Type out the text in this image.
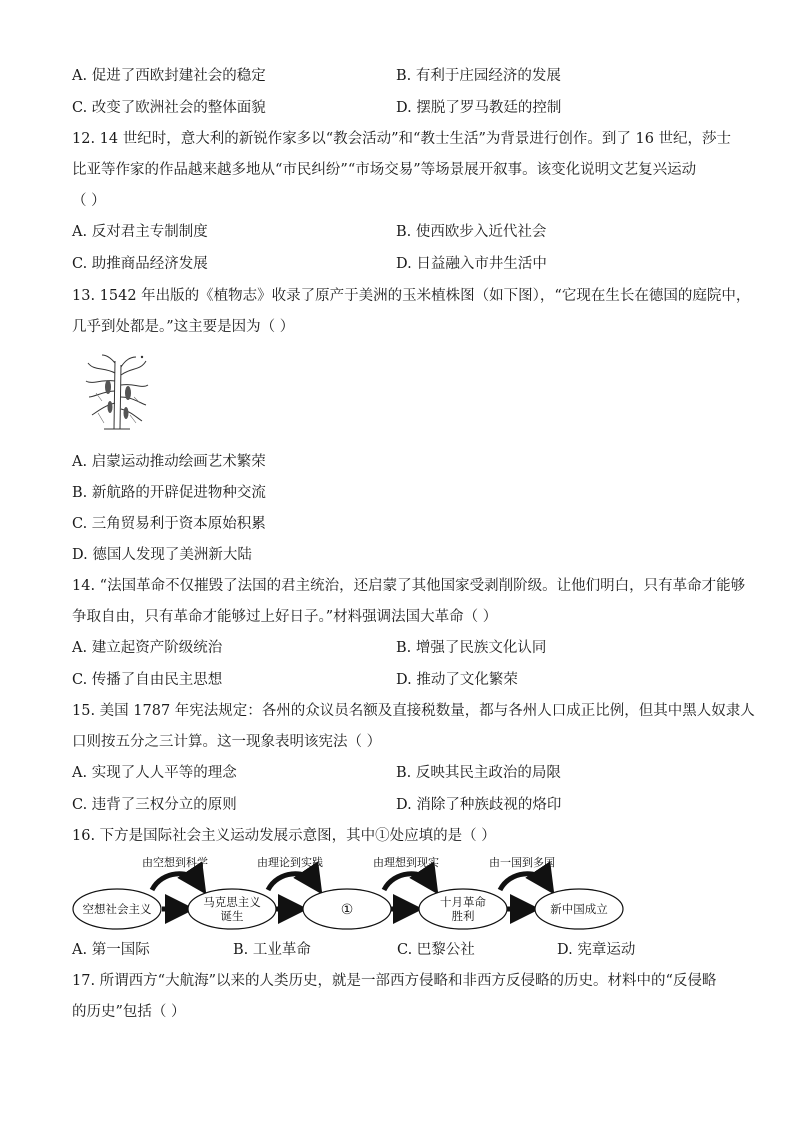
A. 促进了西欧封建社会的稳定	B. 有利于庄园经济的发展
C. 改变了欧洲社会的整体面貌	D. 摆脱了罗马教廷的控制
12. 14 世纪时，意大利的新锐作家多以“教会活动”和“教士生活”为背景进行创作。到了 16 世纪，莎士
比亚等作家的作品越来越多地从“市民纠纷”“市场交易”等场景展开叙事。该变化说明文艺复兴运动
（ ）
A. 反对君主专制制度	B. 使西欧步入近代社会
C. 助推商品经济发展	D. 日益融入市井生活中
13. 1542 年出版的《植物志》收录了原产于美洲的玉米植株图（如下图），“它现在生长在德国的庭院中，
几乎到处都是。”这主要是因为（ ）
A. 启蒙运动推动绘画艺术繁荣
B. 新航路的开辟促进物种交流
C. 三角贸易利于资本原始积累
D. 德国人发现了美洲新大陆
14. “法国革命不仅摧毁了法国的君主统治，还启蒙了其他国家受剥削阶级。让他们明白，只有革命才能够
争取自由，只有革命才能够过上好日子。”材料强调法国大革命（ ）
A. 建立起资产阶级统治	B. 增强了民族文化认同
C. 传播了自由民主思想	D. 推动了文化繁荣
15. 美国 1787 年宪法规定：各州的众议员名额及直接税数量，都与各州人口成正比例，但其中黑人奴隶人
口则按五分之三计算。这一现象表明该宪法（ ）
A. 实现了人人平等的理念	B. 反映其民主政治的局限
C. 违背了三权分立的原则	D. 消除了种族歧视的烙印
16. 下方是国际社会主义运动发展示意图，其中①处应填的是（ ）
由空想到科学	由理论到实践	由理想到现实	由一国到多国
空想社会主义	马克思主义
诞生	①	十月革命
胜利	新中国成立
A. 第一国际	B. 工业革命	C. 巴黎公社	D. 宪章运动
17. 所谓西方“大航海”以来的人类历史，就是一部西方侵略和非西方反侵略的历史。材料中的“反侵略
的历史”包括（ ）
